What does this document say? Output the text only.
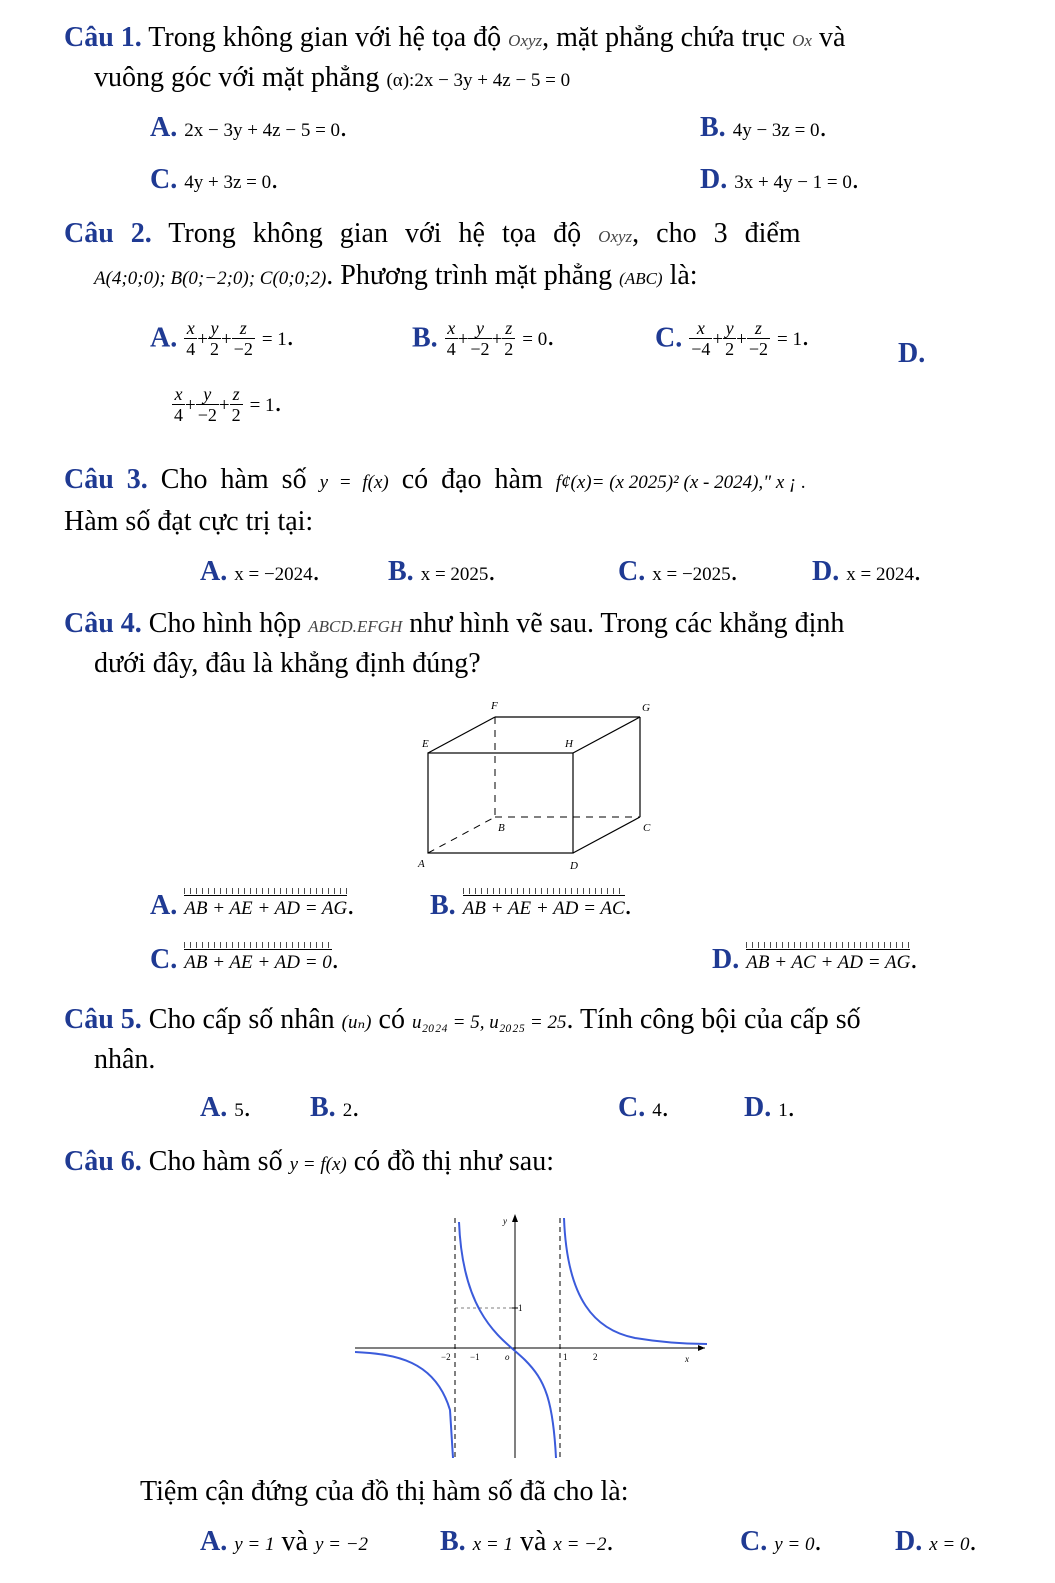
Câu 1. Trong không gian với hệ tọa độ Oxyz, mặt phẳng chứa trục Ox và
vuông góc với mặt phẳng (α):2x − 3y + 4z − 5 = 0
A. 2x − 3y + 4z − 5 = 0.	B. 4y − 3z = 0.
C. 4y + 3z = 0.	D. 3x + 4y − 1 = 0.
Câu 2. Trong không gian với hệ tọa độ Oxyz, cho 3 điểm
A(4;0;0); B(0;−2;0); C(0;0;2). Phương trình mặt phẳng (ABC) là:
A. $\frac{x}{4} + \frac{y}{2} + \frac{z}{-2} = 1$.	B. $\frac{x}{4} + \frac{y}{-2} + \frac{z}{2} = 0$.	C. $\frac{x}{-4} + \frac{y}{2} + \frac{z}{-2} = 1$.
D.
$\frac{x}{4} + \frac{y}{-2} + \frac{z}{2} = 1$.
Câu 3. Cho hàm số y = f(x) có đạo hàm f¢(x)= (x 2025)² (x - 2024)," x ¡ .
Hàm số đạt cực trị tại:
A. x = −2024. B. x = 2025.	C. x = −2025.	D. x = 2024.
Câu 4. Cho hình hộp ABCD.EFGH như hình vẽ sau. Trong các khẳng định
dưới đây, đâu là khẳng định đúng?
F	G
E	H
B	C
A	D
A. AB + AE + AD = AG.	B. AB + AE + AD = AC.
C. AB + AE + AD = 0.	D. AB + AC + AD = AG.
Câu 5. Cho cấp số nhân (uₙ) có u₂₀₂₄ = 5, u₂₀₂₅ = 25. Tính công bội của cấp số
nhân.
A. 5. B. 2.	C. 4.	D. 1.
Câu 6. Cho hàm số y = f(x) có đồ thị như sau:
y
x
o
1
−2 −1	1	2
Tiệm cận đứng của đồ thị hàm số đã cho là:
A. y = 1 và y = −2	B. x = 1 và x = −2.	C. y = 0.	D. x = 0.
